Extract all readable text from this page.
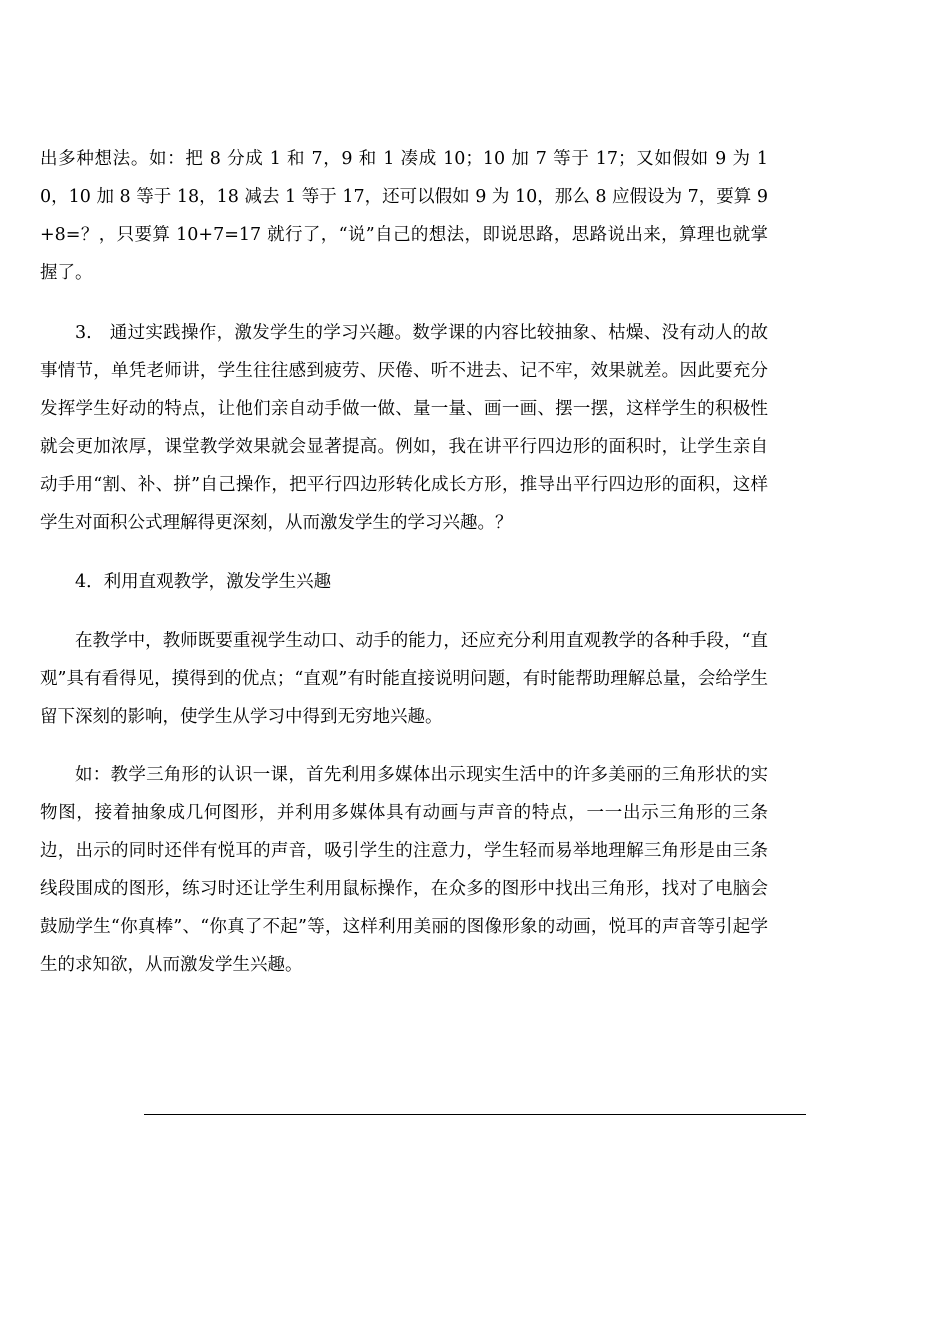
出多种想法。如：把 8 分成 1 和 7，9 和 1 凑成 10；10 加 7 等于 17；又如假如 9 为 10，10 加 8 等于 18，18 减去 1 等于 17，还可以假如 9 为 10，那么 8 应假设为 7，要算 9+8=？，只要算 10+7=17 就行了，“说”自己的想法，即说思路，思路说出来，算理也就掌握了。

3.　通过实践操作，激发学生的学习兴趣。数学课的内容比较抽象、枯燥、没有动人的故事情节，单凭老师讲，学生往往感到疲劳、厌倦、听不进去、记不牢，效果就差。因此要充分发挥学生好动的特点，让他们亲自动手做一做、量一量、画一画、摆一摆，这样学生的积极性就会更加浓厚，课堂教学效果就会显著提高。例如，我在讲平行四边形的面积时，让学生亲自动手用“割、补、拼”自己操作，把平行四边形转化成长方形，推导出平行四边形的面积，这样学生对面积公式理解得更深刻，从而激发学生的学习兴趣。？

4．利用直观教学，激发学生兴趣

在教学中，教师既要重视学生动口、动手的能力，还应充分利用直观教学的各种手段，“直观”具有看得见，摸得到的优点；“直观”有时能直接说明问题，有时能帮助理解总量，会给学生留下深刻的影响，使学生从学习中得到无穷地兴趣。

如：教学三角形的认识一课，首先利用多媒体出示现实生活中的许多美丽的三角形状的实物图，接着抽象成几何图形，并利用多媒体具有动画与声音的特点，一一出示三角形的三条边，出示的同时还伴有悦耳的声音，吸引学生的注意力，学生轻而易举地理解三角形是由三条线段围成的图形，练习时还让学生利用鼠标操作，在众多的图形中找出三角形，找对了电脑会鼓励学生“你真棒”、“你真了不起”等，这样利用美丽的图像形象的动画，悦耳的声音等引起学生的求知欲，从而激发学生兴趣。
